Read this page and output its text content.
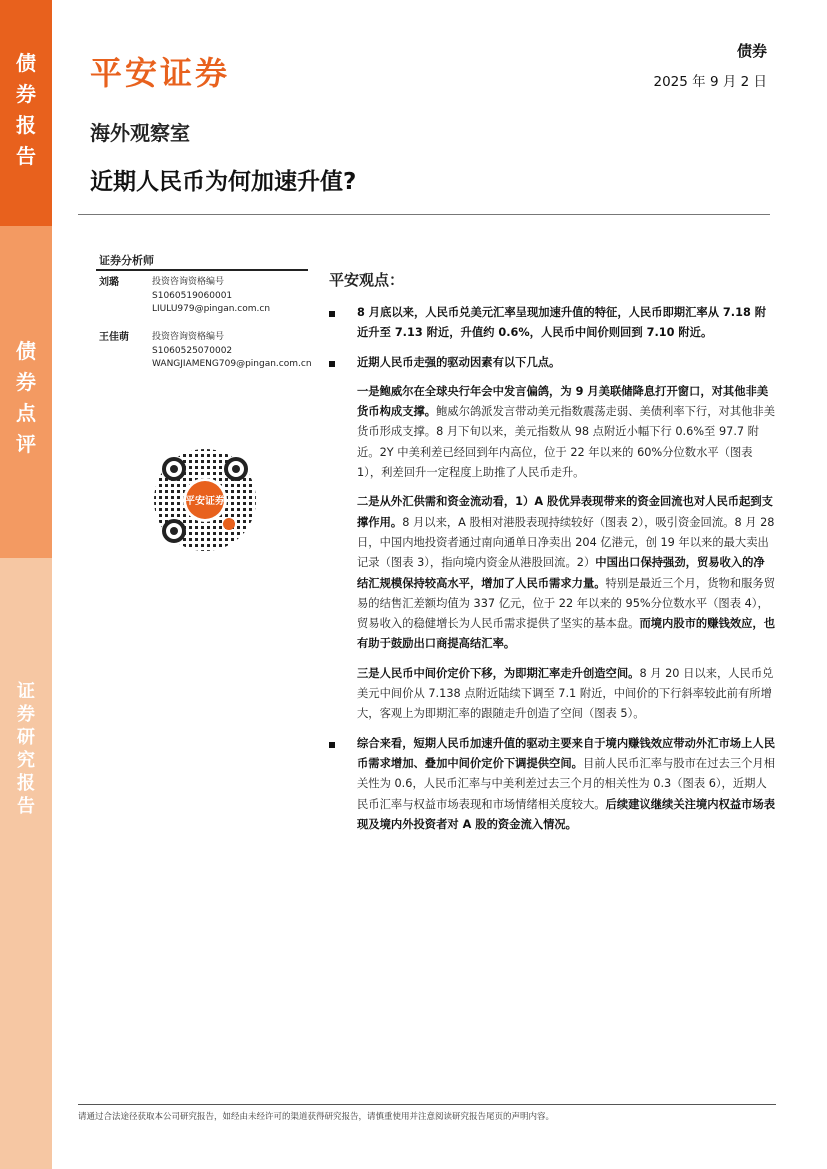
债券报告
债券点评
证券研究报告
平安证券
债券
2025 年 9 月 2 日
海外观察室
近期人民币为何加速升值?
证券分析师
刘璐	投资咨询资格编号
S1060519060001
LIULU979@pingan.com.cn
王佳萌	投资咨询资格编号
S1060525070002
WANGJIAMENG709@pingan.com.cn
平安证券
平安观点：
8 月底以来，人民币兑美元汇率呈现加速升值的特征，人民币即期汇率从 7.18 附近升至 7.13 附近，升值约 0.6%，人民币中间价则回到 7.10 附近。
近期人民币走强的驱动因素有以下几点。
一是鲍威尔在全球央行年会中发言偏鸽，为 9 月美联储降息打开窗口，对其他非美货币构成支撑。鲍威尔鸽派发言带动美元指数震荡走弱、美债利率下行，对其他非美货币形成支撑。8 月下旬以来，美元指数从 98 点附近小幅下行 0.6%至 97.7 附近。2Y 中美利差已经回到年内高位，位于 22 年以来的 60%分位数水平（图表 1），利差回升一定程度上助推了人民币走升。
二是从外汇供需和资金流动看，1）A 股优异表现带来的资金回流也对人民币起到支撑作用。8 月以来，A 股相对港股表现持续较好（图表 2），吸引资金回流。8 月 28 日，中国内地投资者通过南向通单日净卖出 204 亿港元，创 19 年以来的最大卖出记录（图表 3），指向境内资金从港股回流。2）中国出口保持强劲，贸易收入的净结汇规模保持较高水平，增加了人民币需求力量。特别是最近三个月，货物和服务贸易的结售汇差额均值为 337 亿元，位于 22 年以来的 95%分位数水平（图表 4），贸易收入的稳健增长为人民币需求提供了坚实的基本盘。而境内股市的赚钱效应，也有助于鼓励出口商提高结汇率。
三是人民币中间价定价下移，为即期汇率走升创造空间。8 月 20 日以来，人民币兑美元中间价从 7.138 点附近陆续下调至 7.1 附近，中间价的下行斜率较此前有所增大，客观上为即期汇率的跟随走升创造了空间（图表 5）。
综合来看，短期人民币加速升值的驱动主要来自于境内赚钱效应带动外汇市场上人民币需求增加、叠加中间价定价下调提供空间。目前人民币汇率与股市在过去三个月相关性为 0.6，人民币汇率与中美利差过去三个月的相关性为 0.3（图表 6），近期人民币汇率与权益市场表现和市场情绪相关度较大。后续建议继续关注境内权益市场表现及境内外投资者对 A 股的资金流入情况。
请通过合法途径获取本公司研究报告，如经由未经许可的渠道获得研究报告，请慎重使用并注意阅读研究报告尾页的声明内容。
